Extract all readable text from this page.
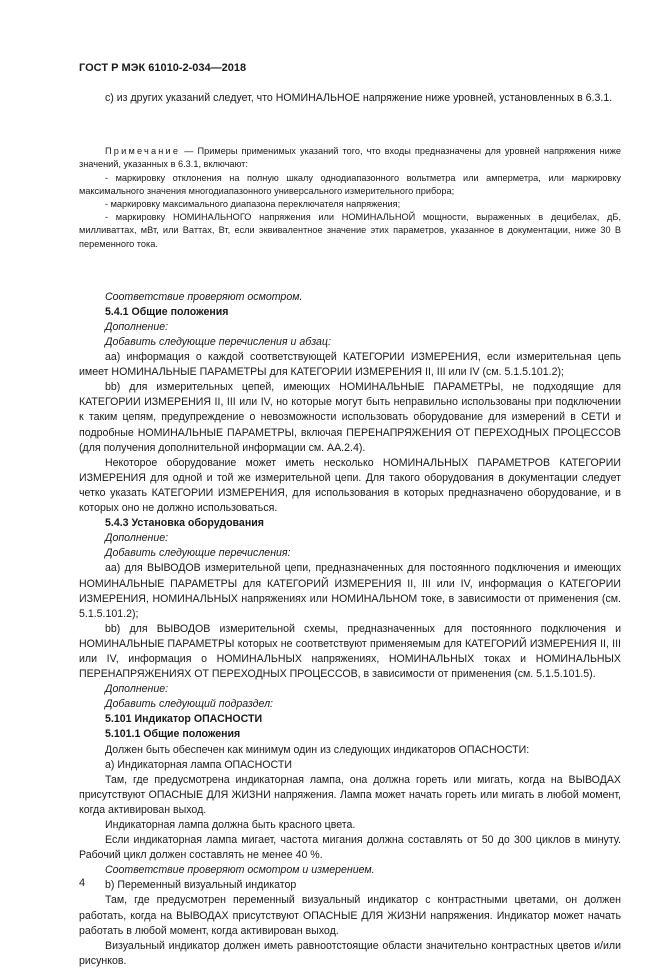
ГОСТ Р МЭК 61010-2-034—2018

c) из других указаний следует, что НОМИНАЛЬНОЕ напряжение ниже уровней, установленных в 6.3.1.

Примечание — Примеры применимых указаний того, что входы предназначены для уровней напряжения ниже значений, указанных в 6.3.1, включают:

- маркировку отклонения на полную шкалу однодиапазонного вольтметра или амперметра, или маркировку максимального значения многодиапазонного универсального измерительного прибора;

- маркировку максимального диапазона переключателя напряжения;

- маркировку НОМИНАЛЬНОГО напряжения или НОМИНАЛЬНОЙ мощности, выраженных в децибелах, дБ, милливаттах, мВт, или Ваттах, Вт, если эквивалентное значение этих параметров, указанное в документации, ниже 30 В переменного тока.

Соответствие проверяют осмотром.

5.4.1 Общие положения

Дополнение:

Добавить следующие перечисления и абзац:

aa) информация о каждой соответствующей КАТЕГОРИИ ИЗМЕРЕНИЯ, если измерительная цепь имеет НОМИНАЛЬНЫЕ ПАРАМЕТРЫ для КАТЕГОРИИ ИЗМЕРЕНИЯ II, III или IV (см. 5.1.5.101.2);

bb) для измерительных цепей, имеющих НОМИНАЛЬНЫЕ ПАРАМЕТРЫ, не подходящие для КАТЕГОРИИ ИЗМЕРЕНИЯ II, III или IV, но которые могут быть неправильно использованы при подключении к таким цепям, предупреждение о невозможности использовать оборудование для измерений в СЕТИ и подробные НОМИНАЛЬНЫЕ ПАРАМЕТРЫ, включая ПЕРЕНАПРЯЖЕНИЯ ОТ ПЕРЕХОДНЫХ ПРОЦЕССОВ (для получения дополнительной информации см. АА.2.4).

Некоторое оборудование может иметь несколько НОМИНАЛЬНЫХ ПАРАМЕТРОВ КАТЕГОРИИ ИЗМЕРЕНИЯ для одной и той же измерительной цепи. Для такого оборудования в документации следует четко указать КАТЕГОРИИ ИЗМЕРЕНИЯ, для использования в которых предназначено оборудование, и в которых оно не должно использоваться.

5.4.3 Установка оборудования

Дополнение:

Добавить следующие перечисления:

aa) для ВЫВОДОВ измерительной цепи, предназначенных для постоянного подключения и имеющих НОМИНАЛЬНЫЕ ПАРАМЕТРЫ для КАТЕГОРИЙ ИЗМЕРЕНИЯ II, III или IV, информация о КАТЕГОРИИ ИЗМЕРЕНИЯ, НОМИНАЛЬНЫХ напряжениях или НОМИНАЛЬНОМ токе, в зависимости от применения (см. 5.1.5.101.2);

bb) для ВЫВОДОВ измерительной схемы, предназначенных для постоянного подключения и НОМИНАЛЬНЫЕ ПАРАМЕТРЫ которых не соответствуют применяемым для КАТЕГОРИЙ ИЗМЕРЕНИЯ II, III или IV, информация о НОМИНАЛЬНЫХ напряжениях, НОМИНАЛЬНЫХ токах и НОМИНАЛЬНЫХ ПЕРЕНАПРЯЖЕНИЯХ ОТ ПЕРЕХОДНЫХ ПРОЦЕССОВ, в зависимости от применения (см. 5.1.5.101.5).

Дополнение:

Добавить следующий подраздел:

5.101 Индикатор ОПАСНОСТИ

5.101.1 Общие положения

Должен быть обеспечен как минимум один из следующих индикаторов ОПАСНОСТИ:

a) Индикаторная лампа ОПАСНОСТИ

Там, где предусмотрена индикаторная лампа, она должна гореть или мигать, когда на ВЫВОДАХ присутствуют ОПАСНЫЕ ДЛЯ ЖИЗНИ напряжения. Лампа может начать гореть или мигать в любой момент, когда активирован выход.

Индикаторная лампа должна быть красного цвета.

Если индикаторная лампа мигает, частота мигания должна составлять от 50 до 300 циклов в минуту. Рабочий цикл должен составлять не менее 40 %.

Соответствие проверяют осмотром и измерением.

b) Переменный визуальный индикатор

Там, где предусмотрен переменный визуальный индикатор с контрастными цветами, он должен работать, когда на ВЫВОДАХ присутствуют ОПАСНЫЕ ДЛЯ ЖИЗНИ напряжения. Индикатор может начать работать в любой момент, когда активирован выход.

Визуальный индикатор должен иметь равноотстоящие области значительно контрастных цветов и/или рисунков.

4
